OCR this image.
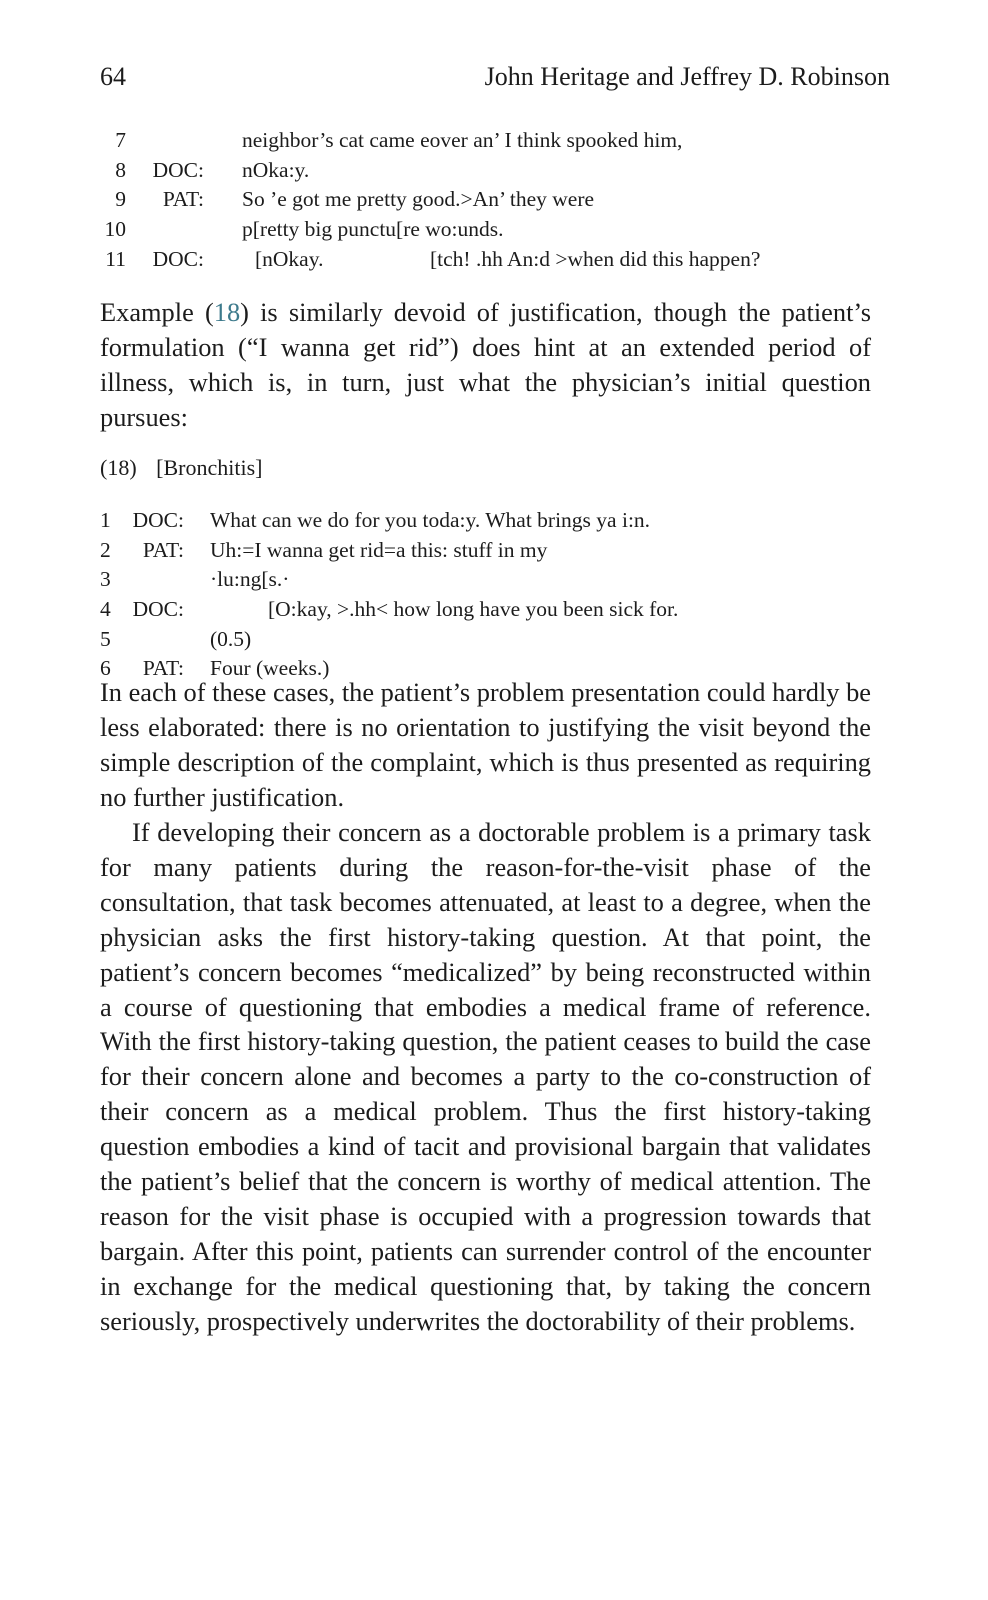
64	John Heritage and Jeffrey D. Robinson
7	neighbor’s cat came eover an’ I think spooked him,
8	DOC: nOka:y.
9	PAT: So ’e got me pretty good.>An’ they were
10	p[retty big punctu[re wo:unds.
11	DOC: [nOkay.	[tch! .hh An:d >when did this happen?

Example (18) is similarly devoid of justification, though the patient’s formulation (“I wanna get rid”) does hint at an extended period of illness, which is, in turn, just what the physician’s initial question pursues:

(18) [Bronchitis]
1	DOC: What can we do for you toda:y. What brings ya i:n.
2	PAT: Uh:=I wanna get rid=a this: stuff in my
3	·lu:ng[s.·
4	DOC:	[O:kay, >.hh< how long have you been sick for.
5	(0.5)
6	PAT: Four (weeks.)

In each of these cases, the patient’s problem presentation could hardly be less elaborated: there is no orientation to justifying the visit beyond the simple description of the complaint, which is thus presented as requiring no further justification.

If developing their concern as a doctorable problem is a primary task for many patients during the reason-for-the-visit phase of the consultation, that task becomes attenuated, at least to a degree, when the physician asks the first history-taking question. At that point, the patient’s concern becomes “medicalized” by being reconstructed within a course of questioning that embodies a medical frame of reference. With the first history-taking question, the patient ceases to build the case for their concern alone and becomes a party to the co-construction of their concern as a medical problem. Thus the first history-taking question embodies a kind of tacit and provisional bargain that validates the patient’s belief that the concern is worthy of medical attention. The reason for the visit phase is occupied with a progression towards that bargain. After this point, patients can surrender control of the encounter in exchange for the medical questioning that, by taking the concern seriously, prospectively underwrites the doctorability of their problems.
